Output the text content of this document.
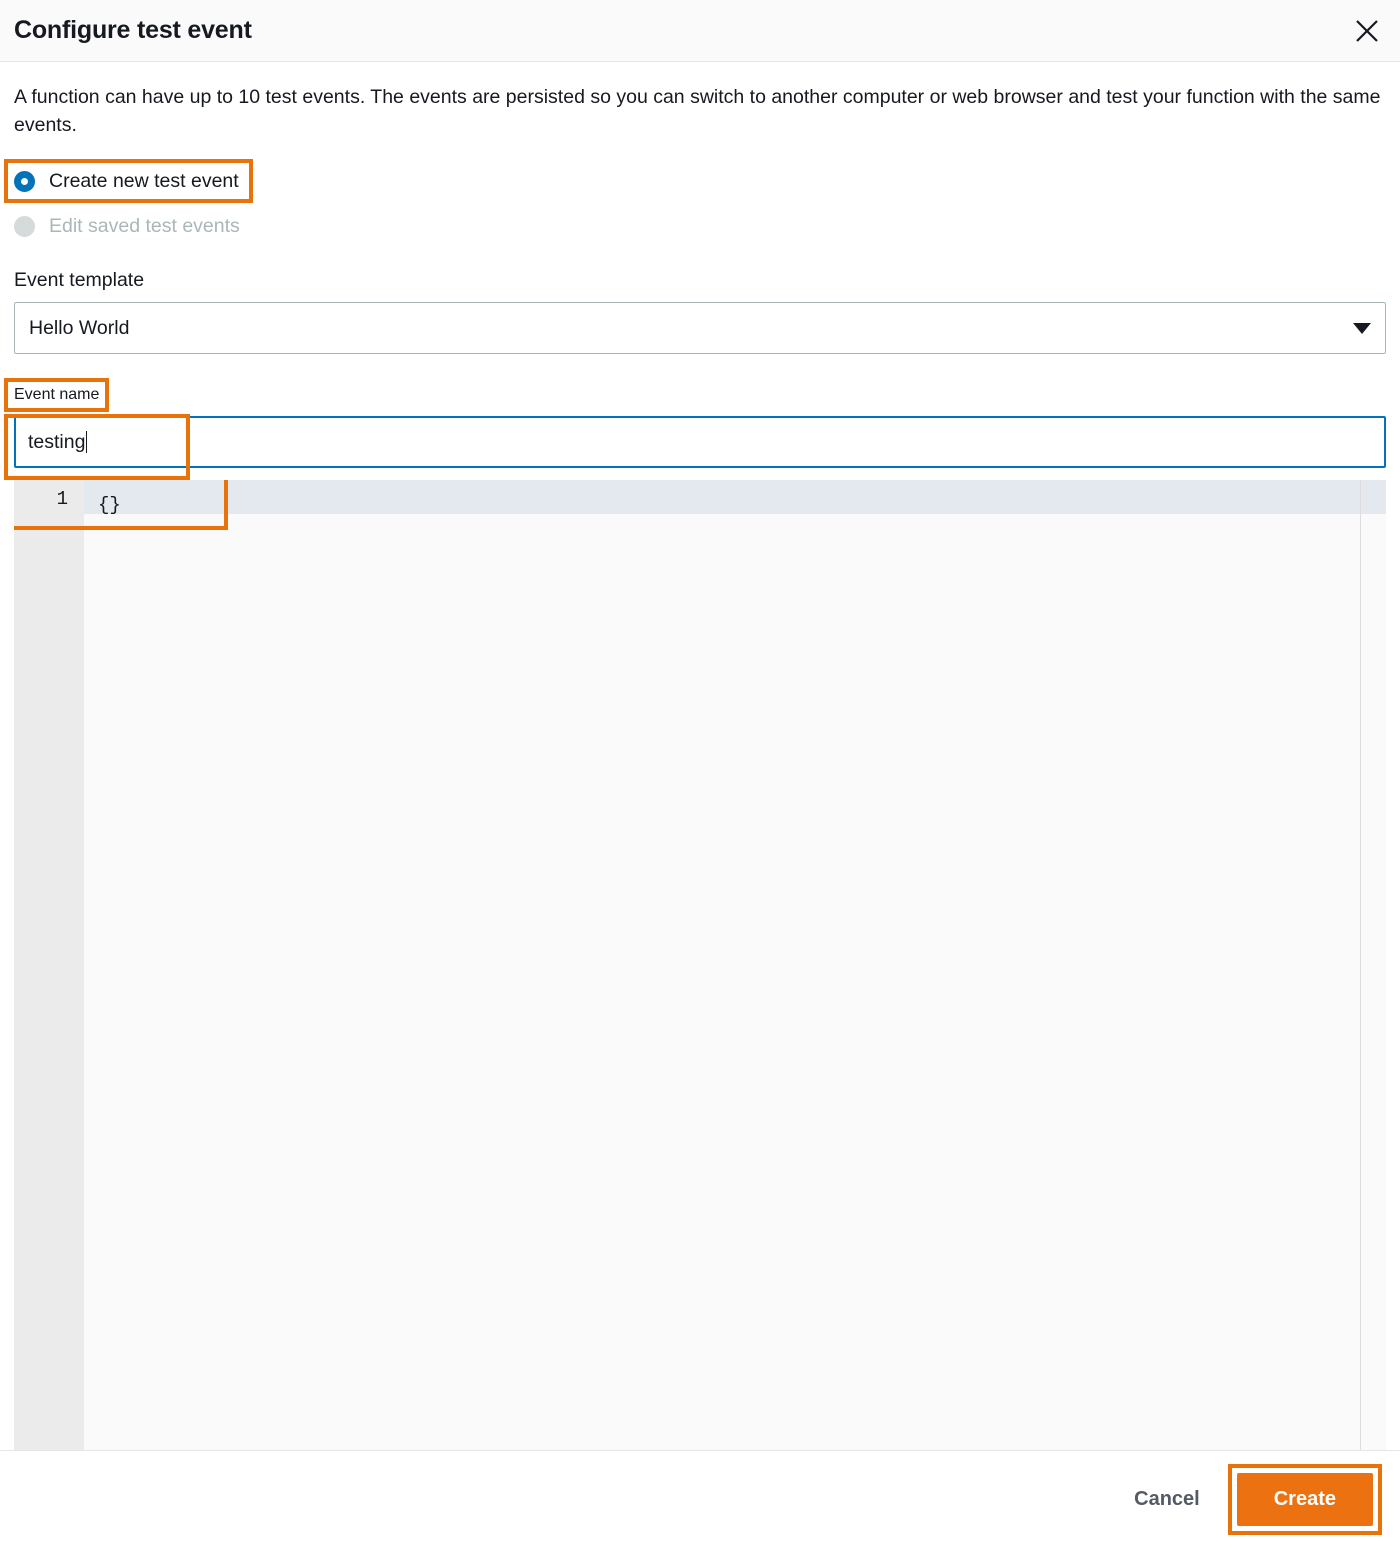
Configure test event
A function can have up to 10 test events. The events are persisted so you can switch to another computer or web browser and test your function with the same events.
Create new test event
Edit saved test events
Event template
Hello World
Event name
testing
1	{}
Cancel	Create
